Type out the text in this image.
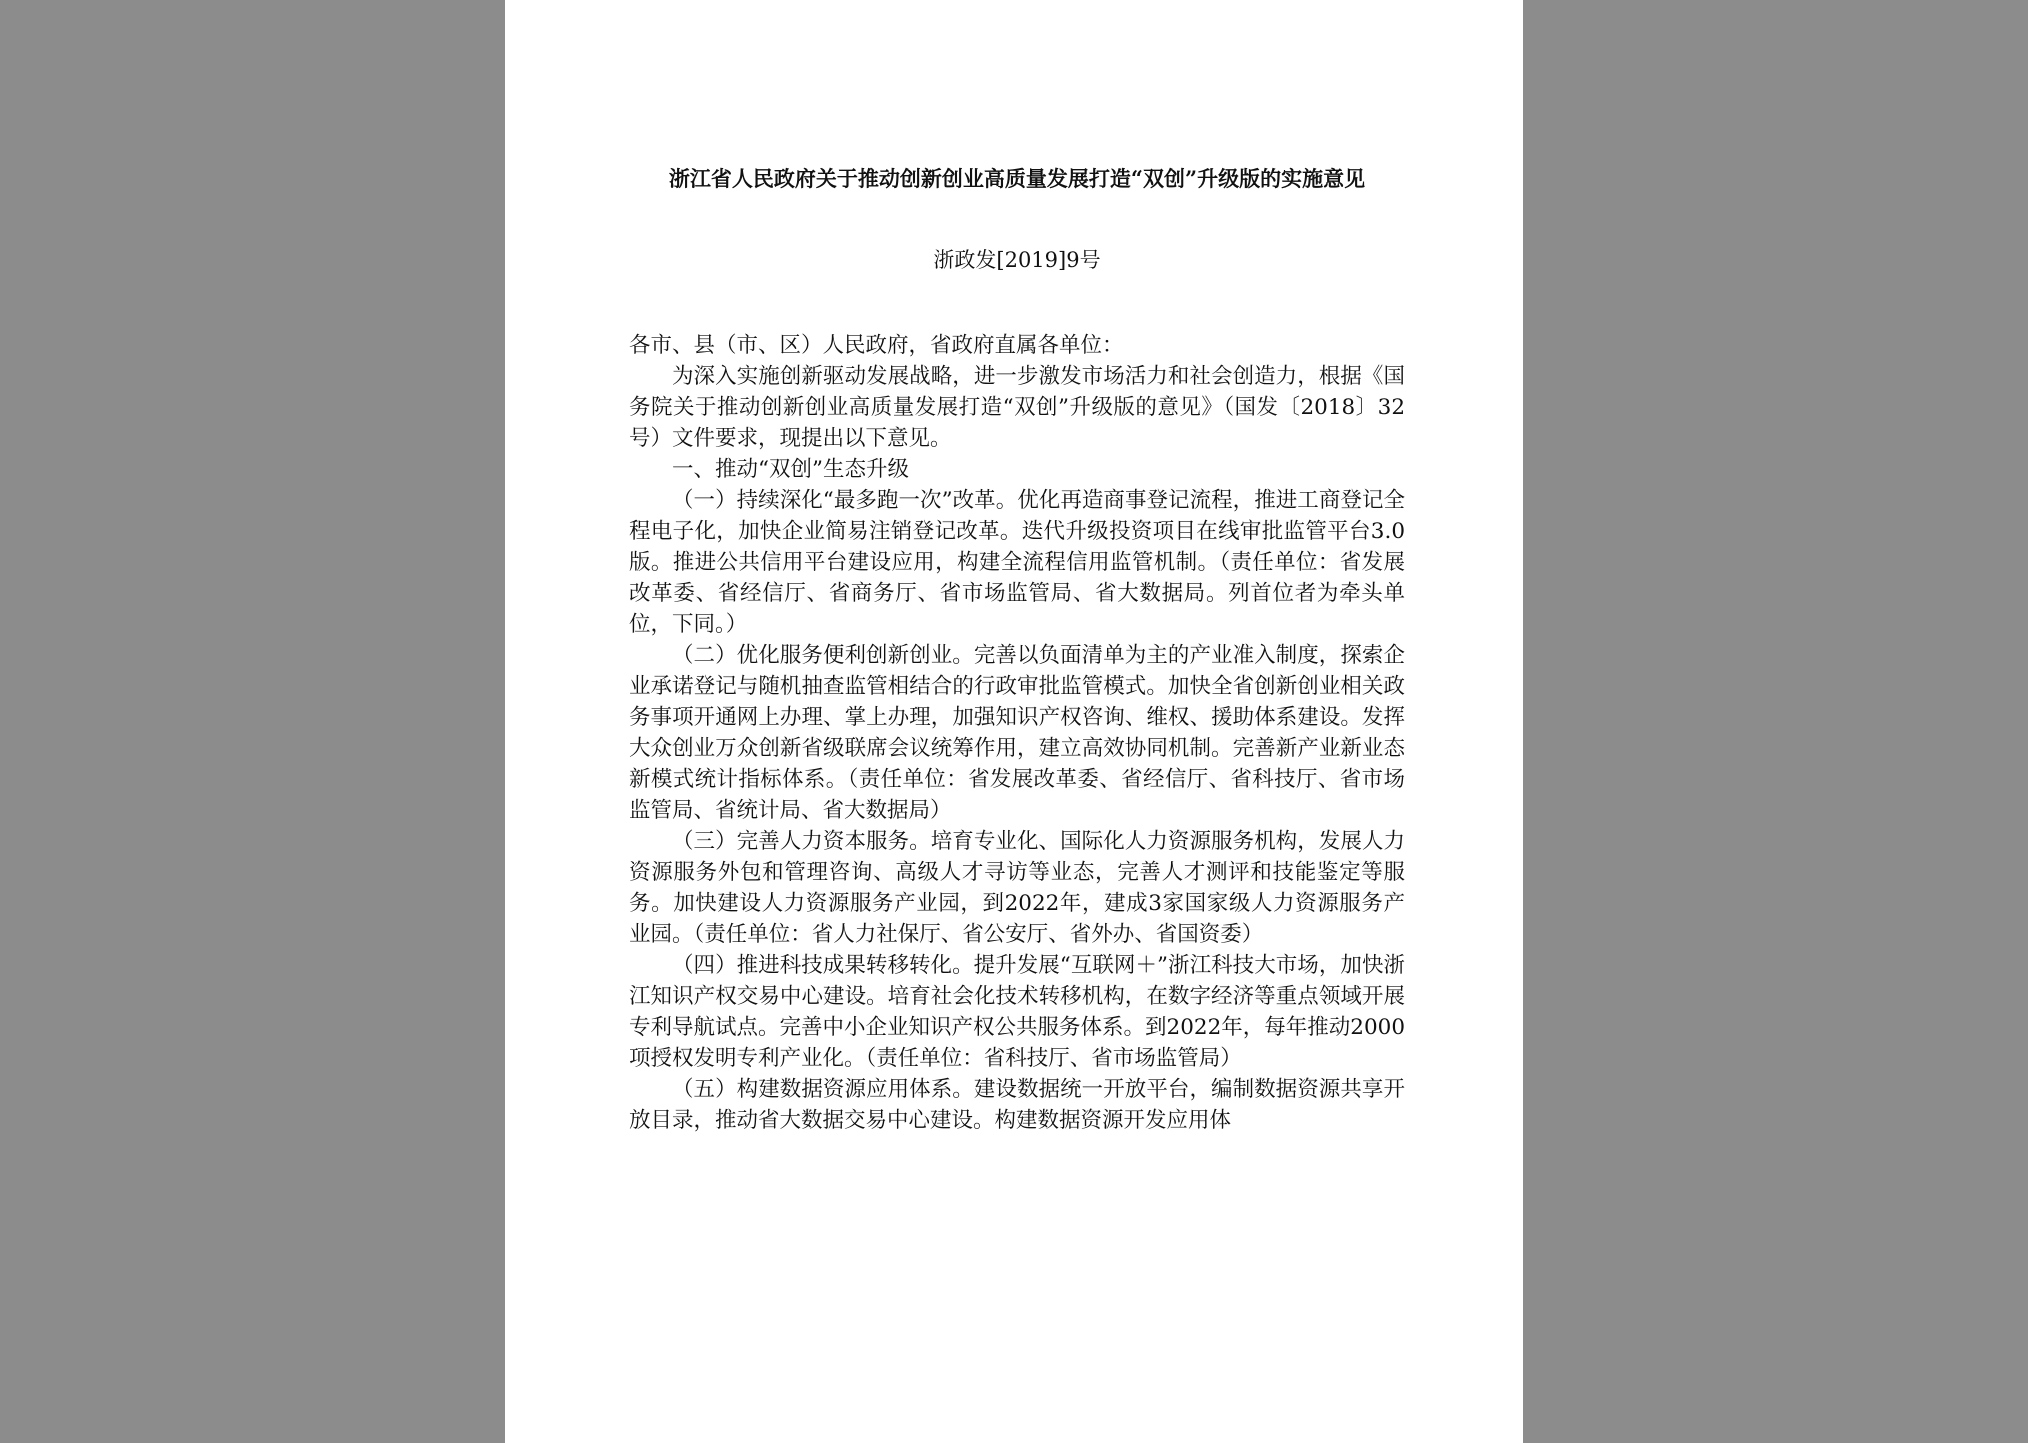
浙江省人民政府关于推动创新创业高质量发展打造“双创”升级版的实施意见

浙政发[2019]9号

各市、县（市、区）人民政府，省政府直属各单位：

为深入实施创新驱动发展战略，进一步激发市场活力和社会创造力，根据《国务院关于推动创新创业高质量发展打造“双创”升级版的意见》（国发〔2018〕32号）文件要求，现提出以下意见。

一、推动“双创”生态升级

（一）持续深化“最多跑一次”改革。优化再造商事登记流程，推进工商登记全程电子化，加快企业简易注销登记改革。迭代升级投资项目在线审批监管平台3.0版。推进公共信用平台建设应用，构建全流程信用监管机制。（责任单位：省发展改革委、省经信厅、省商务厅、省市场监管局、省大数据局。列首位者为牵头单位，下同。）

（二）优化服务便利创新创业。完善以负面清单为主的产业准入制度，探索企业承诺登记与随机抽查监管相结合的行政审批监管模式。加快全省创新创业相关政务事项开通网上办理、掌上办理，加强知识产权咨询、维权、援助体系建设。发挥大众创业万众创新省级联席会议统筹作用，建立高效协同机制。完善新产业新业态新模式统计指标体系。（责任单位：省发展改革委、省经信厅、省科技厅、省市场监管局、省统计局、省大数据局）

（三）完善人力资本服务。培育专业化、国际化人力资源服务机构，发展人力资源服务外包和管理咨询、高级人才寻访等业态，完善人才测评和技能鉴定等服务。加快建设人力资源服务产业园，到2022年，建成3家国家级人力资源服务产业园。（责任单位：省人力社保厅、省公安厅、省外办、省国资委）

（四）推进科技成果转移转化。提升发展“互联网＋”浙江科技大市场，加快浙江知识产权交易中心建设。培育社会化技术转移机构，在数字经济等重点领域开展专利导航试点。完善中小企业知识产权公共服务体系。到2022年，每年推动2000项授权发明专利产业化。（责任单位：省科技厅、省市场监管局）

（五）构建数据资源应用体系。建设数据统一开放平台，编制数据资源共享开放目录，推动省大数据交易中心建设。构建数据资源开发应用体
